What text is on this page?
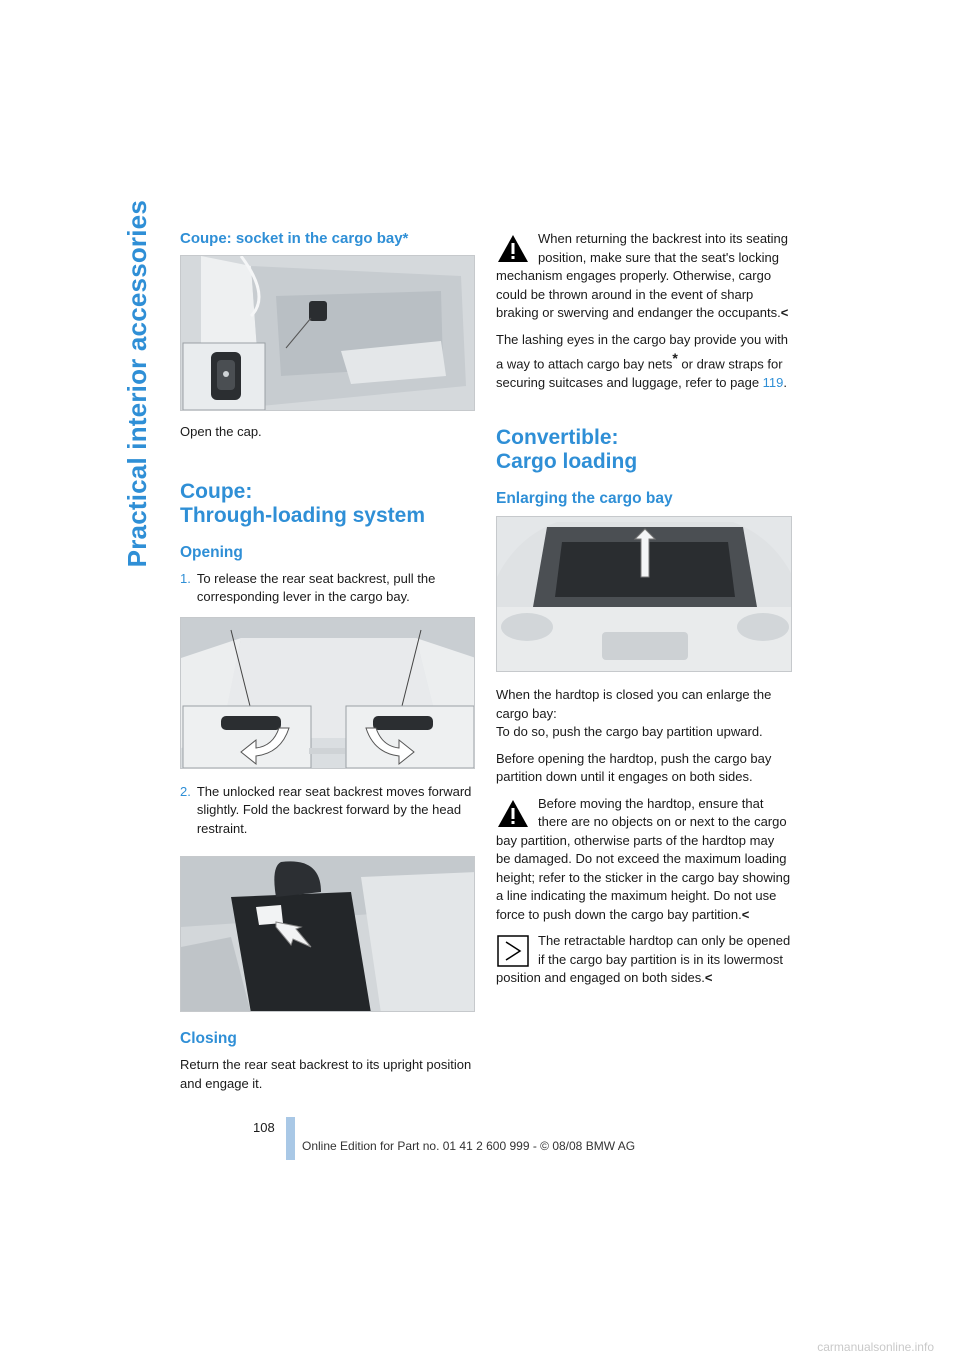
Practical interior accessories Coupe: socket in the cargo bay*

Open the cap.

Coupe:
Through-loading system
Opening
1. To release the rear seat backrest, pull the corresponding lever in the cargo bay.
2. The unlocked rear seat backrest moves forward slightly. Fold the backrest forward by the head restraint.
Closing

Return the rear seat backrest to its upright position and engage it.

When returning the backrest into its seating position, make sure that the seat's locking mechanism engages properly. Otherwise, cargo could be thrown around in the event of sharp braking or swerving and endanger the occupants.<

The lashing eyes in the cargo bay provide you with a way to attach cargo bay nets* or draw straps for securing suitcases and luggage, refer to page 119.

Convertible:
Cargo loading
Enlarging the cargo bay

When the hardtop is closed you can enlarge the cargo bay:
To do so, push the cargo bay partition upward.

Before opening the hardtop, push the cargo bay partition down until it engages on both sides.

Before moving the hardtop, ensure that there are no objects on or next to the cargo bay partition, otherwise parts of the hardtop may be damaged. Do not exceed the maximum loading height; refer to the sticker in the cargo bay showing a line indicating the maximum height. Do not use force to push down the cargo bay partition.<
The retractable hardtop can only be opened if the cargo bay partition is in its lowermost position and engaged on both sides.<
108
Online Edition for Part no. 01 41 2 600 999 - © 08/08 BMW AG
carmanualsonline.info
